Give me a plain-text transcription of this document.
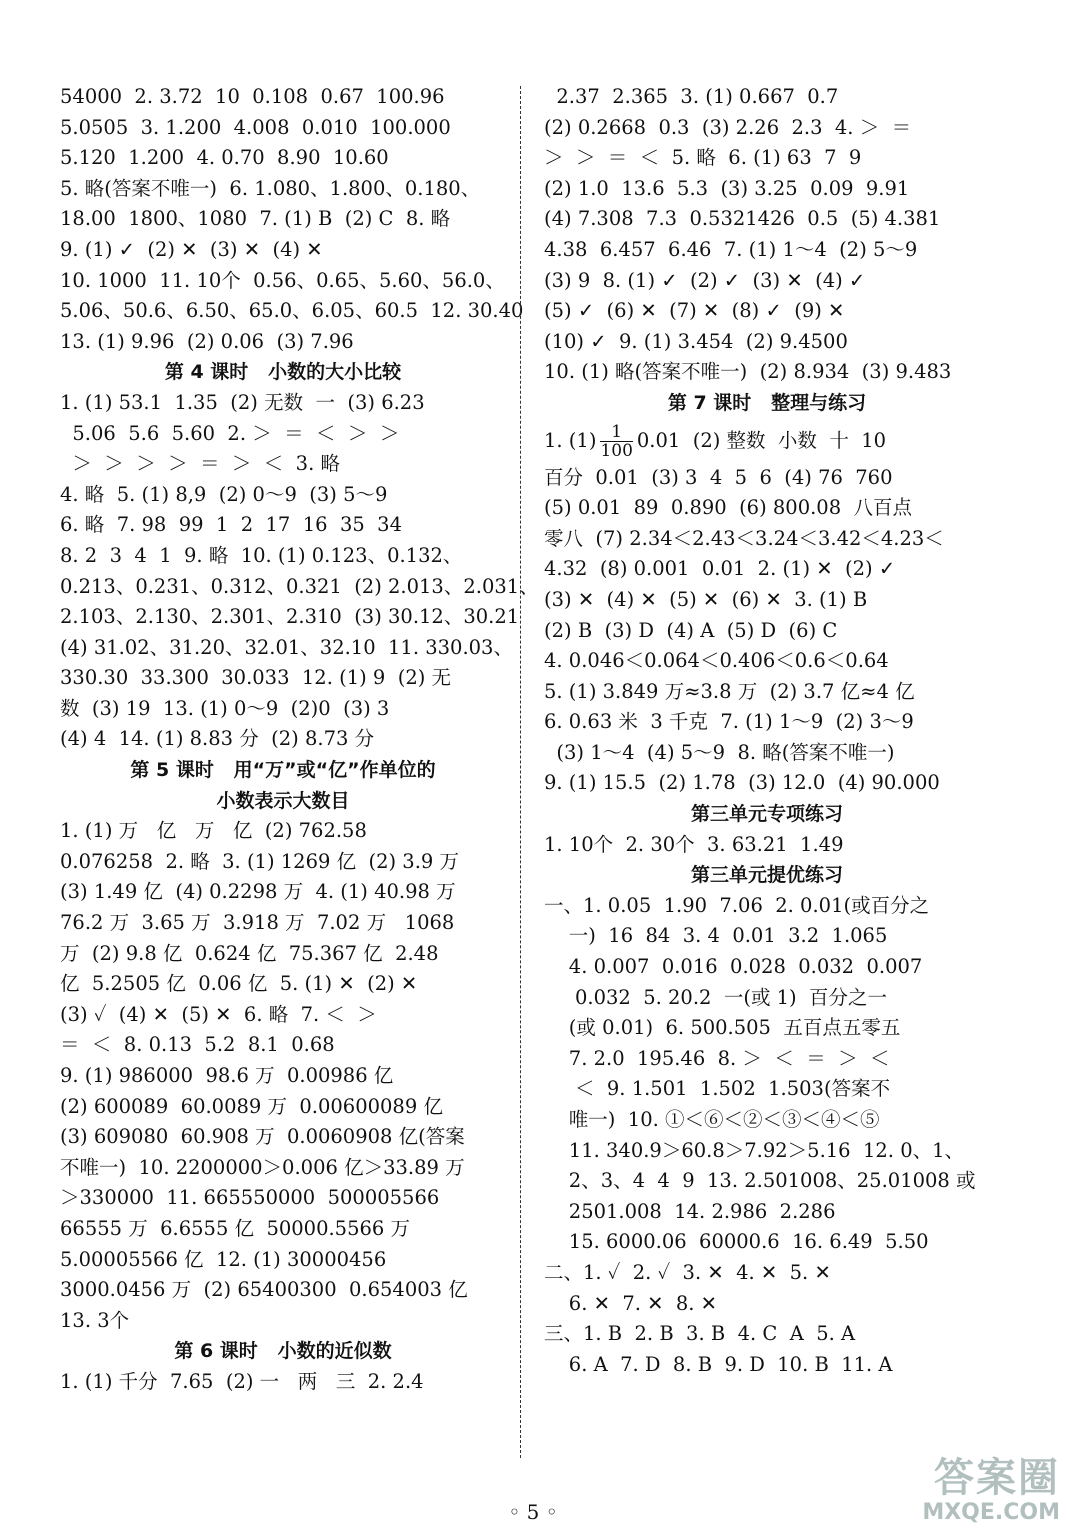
54000  2. 3.72  10  0.108  0.67  100.96
5.0505  3. 1.200  4.008  0.010  100.000
5.120  1.200  4. 0.70  8.90  10.60
5. 略(答案不唯一)  6. 1.080、1.800、0.180、
18.00  1800、1080  7. (1) B  (2) C  8. 略
9. (1) ✓  (2) ✕  (3) ✕  (4) ✕
10. 1000  11. 10个  0.56、0.65、5.60、56.0、
5.06、50.6、6.50、65.0、6.05、60.5  12. 30.40
13. (1) 9.96  (2) 0.06  (3) 7.96
第 4 课时   小数的大小比较
1. (1) 53.1  1.35  (2) 无数  一  (3) 6.23
5.06  5.6  5.60  2. ＞  ＝  ＜  ＞  ＞
＞  ＞  ＞  ＞  ＝  ＞  ＜  3. 略
4. 略  5. (1) 8,9  (2) 0～9  (3) 5～9
6. 略  7. 98  99  1  2  17  16  35  34
8. 2  3  4  1  9. 略  10. (1) 0.123、0.132、
0.213、0.231、0.312、0.321  (2) 2.013、2.031、
2.103、2.130、2.301、2.310  (3) 30.12、30.21
(4) 31.02、31.20、32.01、32.10  11. 330.03、
330.30  33.300  30.033  12. (1) 9  (2) 无
数  (3) 19  13. (1) 0～9  (2)0  (3) 3
(4) 4  14. (1) 8.83 分  (2) 8.73 分
第 5 课时   用“万”或“亿”作单位的
小数表示大数目
1. (1) 万   亿   万   亿  (2) 762.58
0.076258  2. 略  3. (1) 1269 亿  (2) 3.9 万
(3) 1.49 亿  (4) 0.2298 万  4. (1) 40.98 万
76.2 万  3.65 万  3.918 万  7.02 万   1068
万  (2) 9.8 亿  0.624 亿  75.367 亿  2.48
亿  5.2505 亿  0.06 亿  5. (1) ✕  (2) ✕
(3) ✓  (4) ✕  (5) ✕  6. 略  7. ＜  ＞
＝  ＜  8. 0.13  5.2  8.1  0.68
9. (1) 986000  98.6 万  0.00986 亿
(2) 600089  60.0089 万  0.00600089 亿
(3) 609080  60.908 万  0.0060908 亿(答案
不唯一)  10. 2200000＞0.006 亿＞33.89 万
＞330000  11. 665550000  500005566
66555 万  6.6555 亿  50000.5566 万
5.00005566 亿  12. (1) 30000456
3000.0456 万  (2) 65400300  0.654003 亿
13. 3个
第 6 课时   小数的近似数
1. (1) 千分  7.65  (2) 一   两   三  2. 2.4
2.37  2.365  3. (1) 0.667  0.7
(2) 0.2668  0.3  (3) 2.26  2.3  4. ＞  ＝
＞  ＞  ＝  ＜  5. 略  6. (1) 63  7  9
(2) 1.0  13.6  5.3  (3) 3.25  0.09  9.91
(4) 7.308  7.3  0.5321426  0.5  (5) 4.381
4.38  6.457  6.46  7. (1) 1～4  (2) 5～9
(3) 9  8. (1) ✓  (2) ✓  (3) ✕  (4) ✓
(5) ✓  (6) ✕  (7) ✕  (8) ✓  (9) ✕
(10) ✓  9. (1) 3.454  (2) 9.4500
10. (1) 略(答案不唯一)  (2) 8.934  (3) 9.483
第 7 课时   整理与练习
1. $(1) \frac{1}{100} 0.01$  (2) 整数  小数  十  10
百分  0.01  (3) 3  4  5  6  (4) 76  760
(5) 0.01  89  0.890  (6) 800.08  八百点
零八  (7) 2.34＜2.43＜3.24＜3.42＜4.23＜
4.32  (8) 0.001  0.01  2. (1) ✕  (2) ✓
(3) ✕  (4) ✕  (5) ✕  (6) ✕  3. (1) B
(2) B  (3) D  (4) A  (5) D  (6) C
4. 0.046＜0.064＜0.406＜0.6＜0.64
5. (1) 3.849 万≈3.8 万  (2) 3.7 亿≈4 亿
6. 0.63 米  3 千克  7. (1) 1～9  (2) 3～9
(3) 1～4  (4) 5～9  8. 略(答案不唯一)
9. (1) 15.5  (2) 1.78  (3) 12.0  (4) 90.000
第三单元专项练习
1. 10个  2. 30个  3. 63.21  1.49
第三单元提优练习
一、1. 0.05  1.90  7.06  2. 0.01(或百分之
一)  16  84  3. 4  0.01  3.2  1.065
4. 0.007  0.016  0.028  0.032  0.007
0.032  5. 20.2  一(或 1)  百分之一
(或 0.01)  6. 500.505  五百点五零五
7. 2.0  195.46  8. ＞  ＜  ＝  ＞  ＜
＜  9. 1.501  1.502  1.503(答案不
唯一)  10. ①＜⑥＜②＜③＜④＜⑤
11. 340.9＞60.8＞7.92＞5.16  12. 0、1、
2、3、4  4  9  13. 2.501008、25.01008 或
2501.008  14. 2.986  2.286
15. 6000.06  60000.6  16. 6.49  5.50
二、1. ✓  2. ✓  3. ✕  4. ✕  5. ✕
6. ✕  7. ✕  8. ✕
三、1. B  2. B  3. B  4. C  A  5. A
6. A  7. D  8. B  9. D  10. B  11. A
◦ 5 ◦
答案圈
MXQE.COM
